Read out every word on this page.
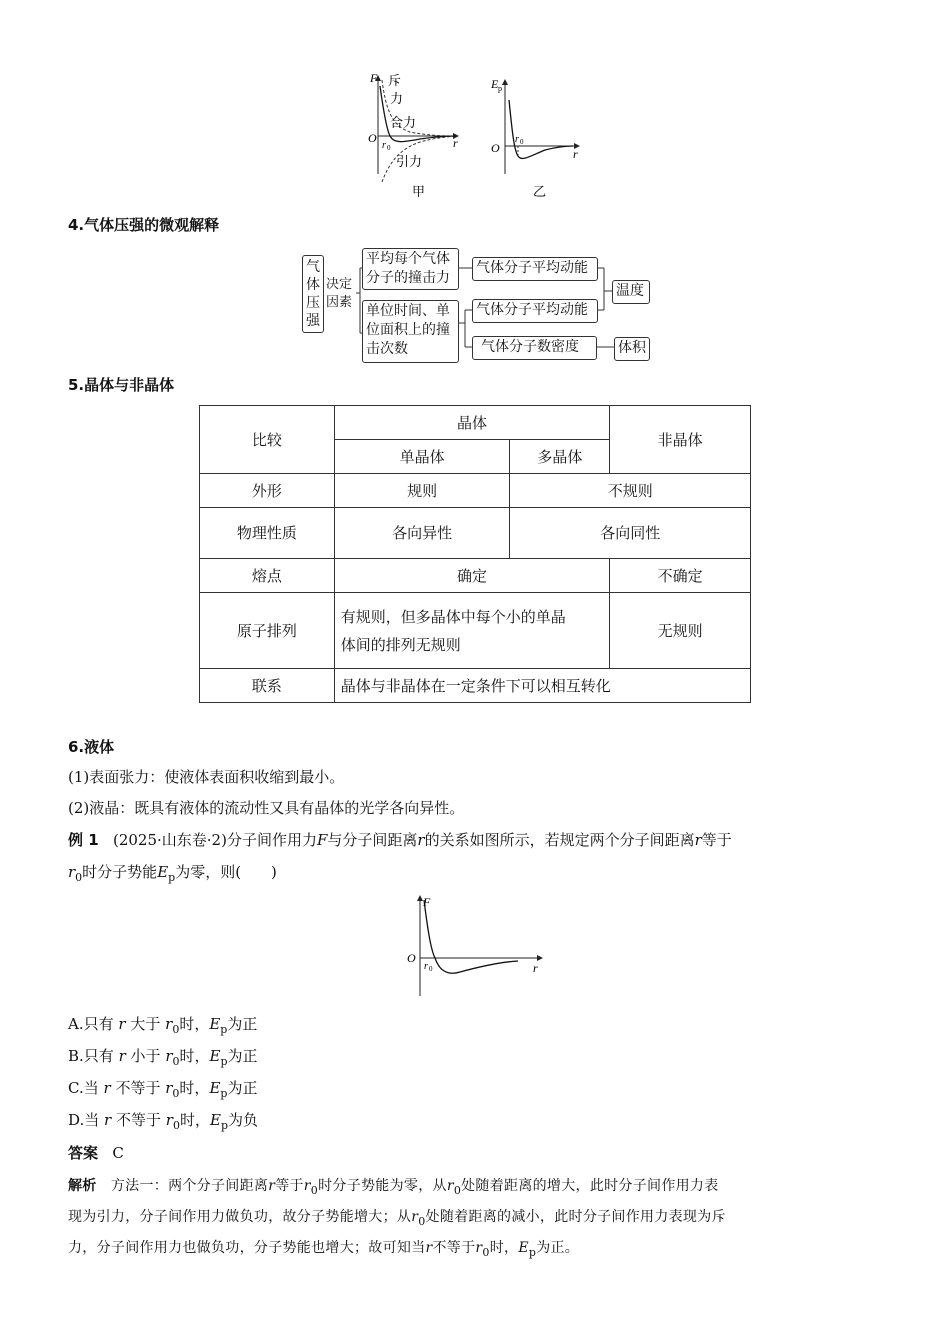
F
O	r
r 0
斥
力
合力
引力
甲
E p
O	r
r 0
乙
4.气体压强的微观解释
气体压强
决定因素
平均每个气体
分子的撞击力
单位时间、单
位面积上的撞
击次数
气体分子平均动能
气体分子平均动能
气体分子数密度
温度
体积
5.晶体与非晶体
比较	晶体		非晶体
	单晶体	多晶体	
外形	规则	不规则	
物理性质	各向异性	各向同性	
熔点	确定		不确定
原子排列	有规则，但多晶体中每个小的单晶
体间的排列无规则		无规则
联系	晶体与非晶体在一定条件下可以相互转化		
6.液体
(1)表面张力：使液体表面积收缩到最小。
(2)液晶：既具有液体的流动性又具有晶体的光学各向异性。
例 1 (2025·山东卷·2)分子间作用力F与分子间距离r的关系如图所示，若规定两个分子间距离r等于
$r_0$时分子势能$E_p$为零，则(　　)
F
O
r
r 0
A.只有 r 大于 $r_0$时，$E_p$为正
B.只有 r 小于 $r_0$时，$E_p$为正
C.当 r 不等于 $r_0$时，$E_p$为正
D.当 r 不等于 $r_0$时，$E_p$为负
答案 C
解析 方法一：两个分子间距离r等于$r_0$时分子势能为零，从$r_0$处随着距离的增大，此时分子间作用力表
现为引力，分子间作用力做负功，故分子势能增大；从$r_0$处随着距离的减小，此时分子间作用力表现为斥
力，分子间作用力也做负功，分子势能也增大；故可知当r不等于$r_0$时，$E_p$为正。
